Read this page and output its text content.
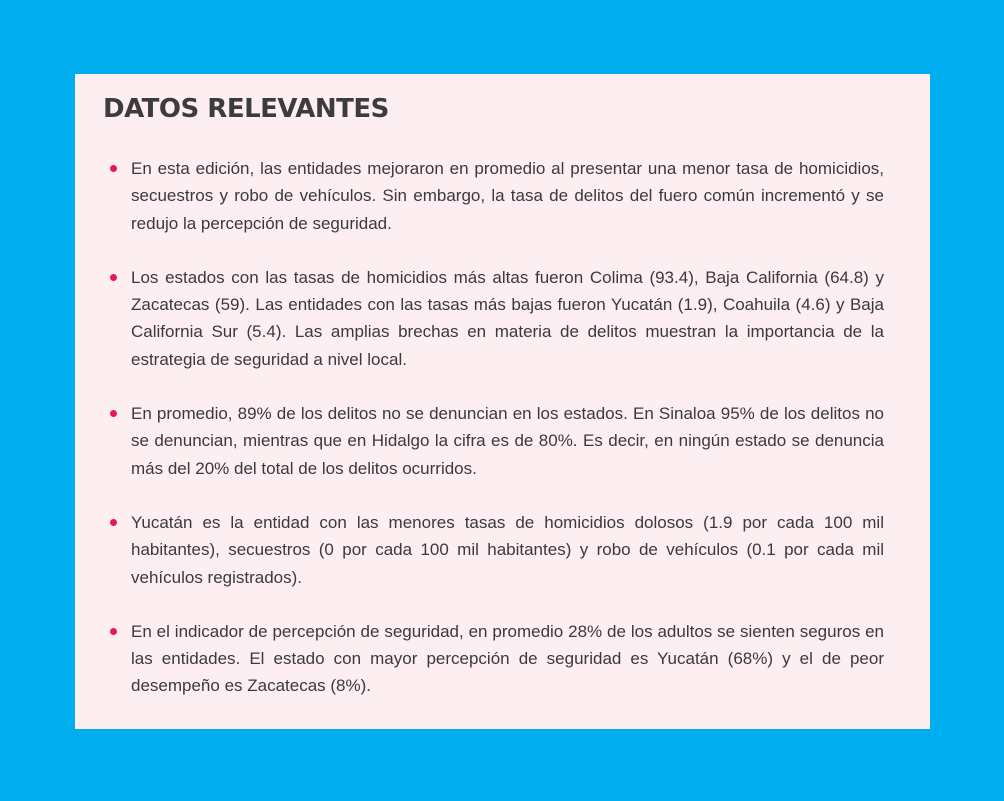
DATOS RELEVANTES
En esta edición, las entidades mejoraron en promedio al presentar una menor tasa de homicidios, secuestros y robo de vehículos. Sin embargo, la tasa de delitos del fuero común incrementó y se redujo la percepción de seguridad.
Los estados con las tasas de homicidios más altas fueron Colima (93.4), Baja California (64.8) y Zacatecas (59). Las entidades con las tasas más bajas fueron Yucatán (1.9), Coahuila (4.6) y Baja California Sur (5.4). Las amplias brechas en materia de delitos muestran la importancia de la estrategia de seguridad a nivel local.
En promedio, 89% de los delitos no se denuncian en los estados. En Sinaloa 95% de los delitos no se denuncian, mientras que en Hidalgo la cifra es de 80%. Es decir, en ningún estado se denuncia más del 20% del total de los delitos ocurridos.
Yucatán es la entidad con las menores tasas de homicidios dolosos (1.9 por cada 100 mil habitantes), secuestros (0 por cada 100 mil habitantes) y robo de vehículos (0.1 por cada mil vehículos registrados).
En el indicador de percepción de seguridad, en promedio 28% de los adultos se sienten seguros en las entidades. El estado con mayor percepción de seguridad es Yucatán (68%) y el de peor desempeño es Zacatecas (8%).
